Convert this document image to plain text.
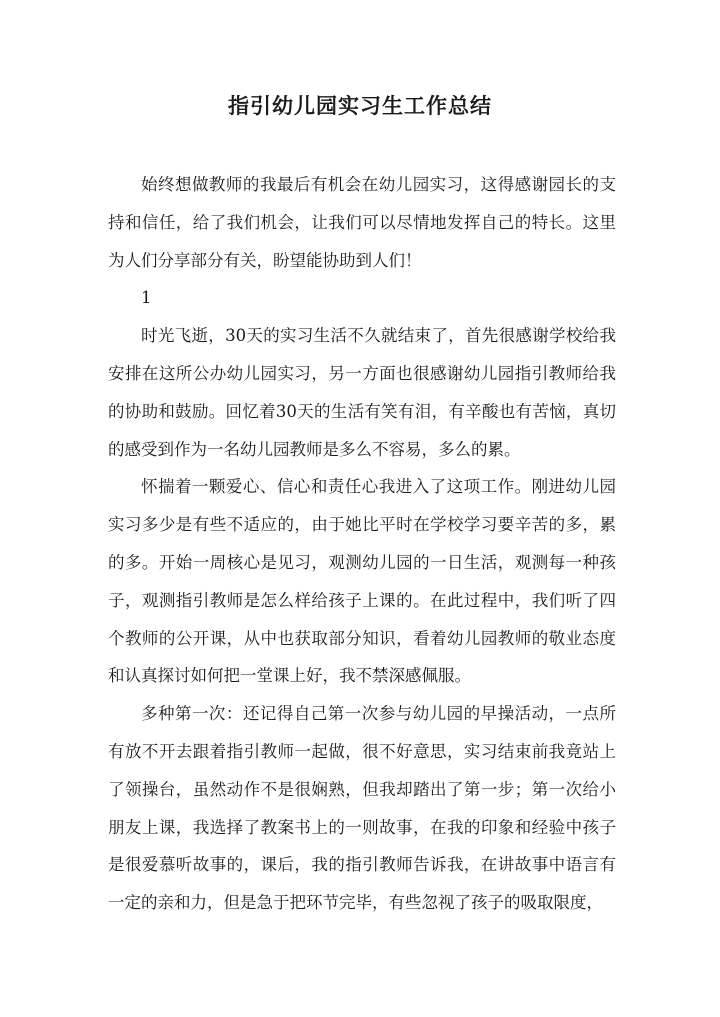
指引幼儿园实习生工作总结

始终想做教师的我最后有机会在幼儿园实习，这得感谢园长的支持和信任，给了我们机会，让我们可以尽情地发挥自己的特长。这里为人们分享部分有关，盼望能协助到人们！

1

时光飞逝，30天的实习生活不久就结束了，首先很感谢学校给我安排在这所公办幼儿园实习，另一方面也很感谢幼儿园指引教师给我的协助和鼓励。回忆着30天的生活有笑有泪，有辛酸也有苦恼，真切的感受到作为一名幼儿园教师是多么不容易，多么的累。

怀揣着一颗爱心、信心和责任心我进入了这项工作。刚进幼儿园实习多少是有些不适应的，由于她比平时在学校学习要辛苦的多，累的多。开始一周核心是见习，观测幼儿园的一日生活，观测每一种孩子，观测指引教师是怎么样给孩子上课的。在此过程中，我们听了四个教师的公开课，从中也获取部分知识，看着幼儿园教师的敬业态度和认真探讨如何把一堂课上好，我不禁深感佩服。

多种第一次：还记得自己第一次参与幼儿园的早操活动，一点所有放不开去跟着指引教师一起做，很不好意思，实习结束前我竟站上了领操台，虽然动作不是很娴熟，但我却踏出了第一步；第一次给小朋友上课，我选择了教案书上的一则故事，在我的印象和经验中孩子是很爱慕听故事的，课后，我的指引教师告诉我，在讲故事中语言有一定的亲和力，但是急于把环节完毕，有些忽视了孩子的吸取限度，
